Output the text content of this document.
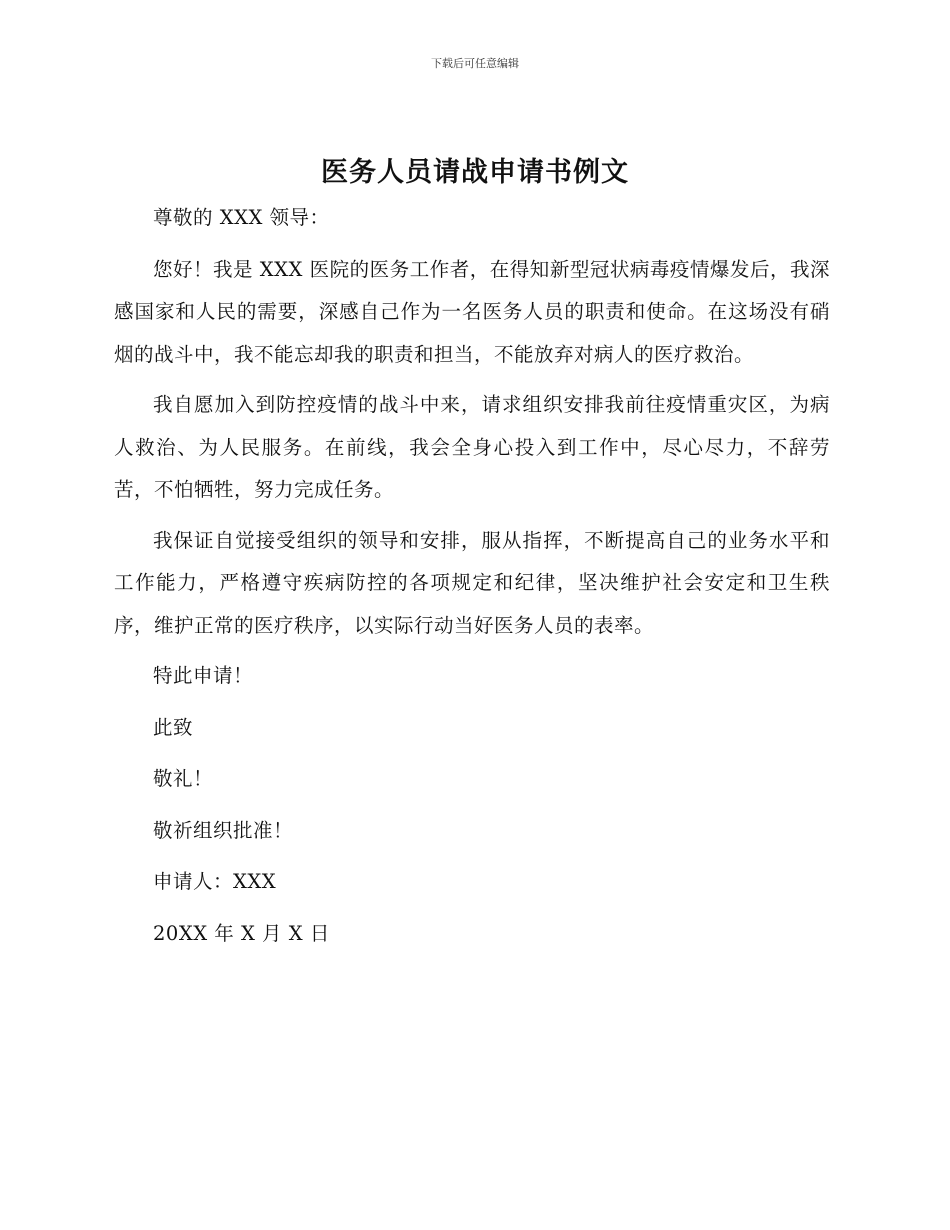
下载后可任意编辑
医务人员请战申请书例文

尊敬的 XXX 领导：

您好！我是 XXX 医院的医务工作者，在得知新型冠状病毒疫情爆发后，我深感国家和人民的需要，深感自己作为一名医务人员的职责和使命。在这场没有硝烟的战斗中，我不能忘却我的职责和担当，不能放弃对病人的医疗救治。

我自愿加入到防控疫情的战斗中来，请求组织安排我前往疫情重灾区，为病人救治、为人民服务。在前线，我会全身心投入到工作中，尽心尽力，不辞劳苦，不怕牺牲，努力完成任务。

我保证自觉接受组织的领导和安排，服从指挥，不断提高自己的业务水平和工作能力，严格遵守疾病防控的各项规定和纪律，坚决维护社会安定和卫生秩序，维护正常的医疗秩序，以实际行动当好医务人员的表率。

特此申请！

此致

敬礼！

敬祈组织批准！

申请人：XXX

20XX 年 X 月 X 日
